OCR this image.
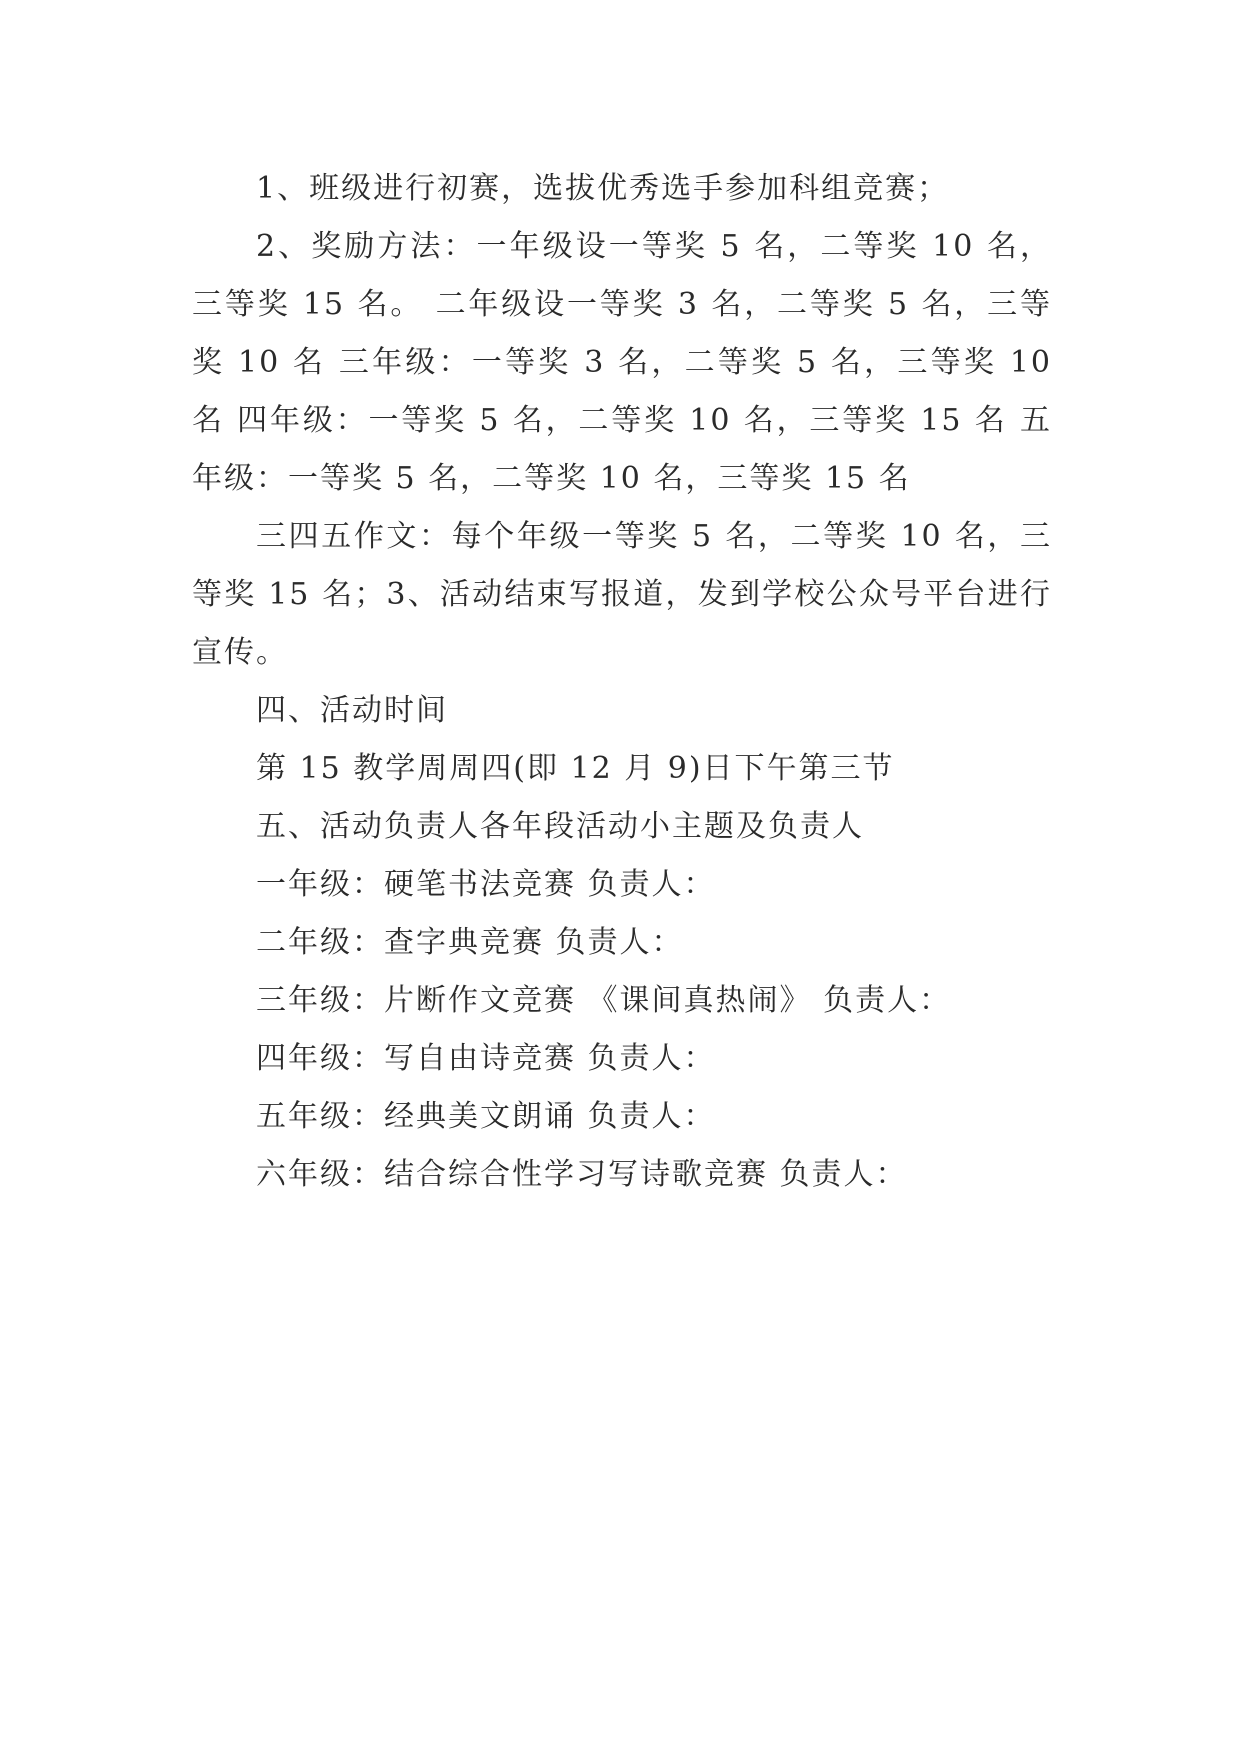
1、班级进行初赛，选拔优秀选手参加科组竞赛；

2、奖励方法：一年级设一等奖 5 名，二等奖 10 名，三等奖 15 名。 二年级设一等奖 3 名，二等奖 5 名，三等奖 10 名 三年级：一等奖 3 名，二等奖 5 名，三等奖 10 名 四年级：一等奖 5 名，二等奖 10 名，三等奖 15 名 五年级：一等奖 5 名，二等奖 10 名，三等奖 15 名

三四五作文：每个年级一等奖 5 名，二等奖 10 名，三等奖 15 名；3、活动结束写报道，发到学校公众号平台进行宣传。

四、活动时间

第 15 教学周周四(即 12 月 9)日下午第三节

五、活动负责人各年段活动小主题及负责人

一年级：硬笔书法竞赛 负责人：

二年级：查字典竞赛 负责人：

三年级：片断作文竞赛 《课间真热闹》 负责人：

四年级：写自由诗竞赛 负责人：

五年级：经典美文朗诵 负责人：

六年级：结合综合性学习写诗歌竞赛 负责人：
